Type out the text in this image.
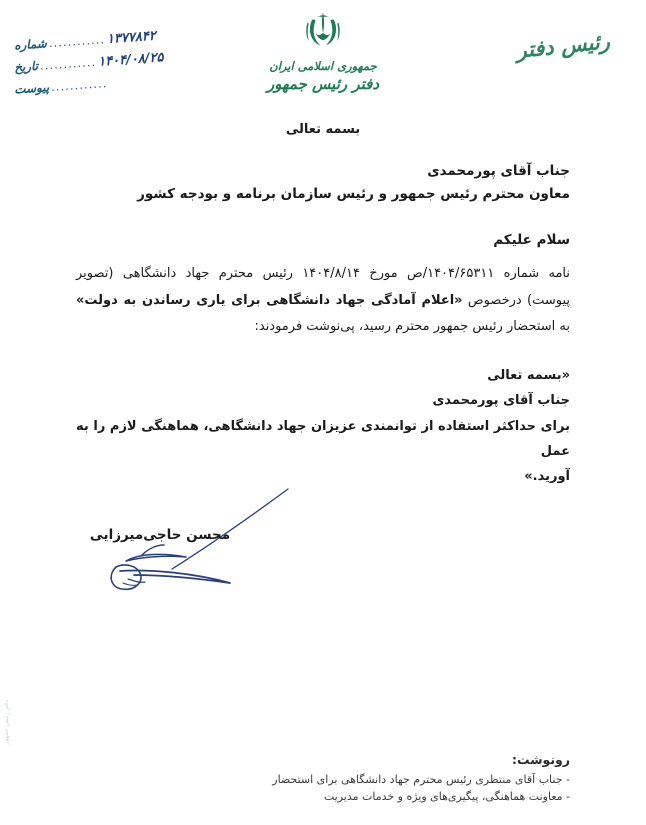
رئیس دفتر
جمهوری اسلامی ایران
دفتر رئیس جمهور
شماره ............ ۱۳۷۷۸۴۲
تاریخ ............ ۱۴۰۴/۰۸/۲۵
پیوست ............

بسمه تعالی

جناب آقای پورمحمدی

معاون محترم رئیس جمهور و رئیس سازمان برنامه و بودجه کشور

سلام علیکم

نامه شماره ۱۴۰۴/۶۵۳۱۱/ص مورخ ۱۴۰۴/۸/۱۴ رئیس محترم جهاد دانشگاهی (تصویر پیوست) درخصوص «اعلام آمادگی جهاد دانشگاهی برای یاری رساندن به دولت» به استحضار رئیس جمهور محترم رسید، پی‌نوشت فرمودند:

«بسمه تعالی

جناب آقای پورمحمدی

برای حداکثر استفاده از توانمندی عزیزان جهاد دانشگاهی، هماهنگی لازم را به عمل

آورید.»

محسن حاجی‌میرزایی

رونوشت:

- جناب آقای منتظری رئیس محترم جهاد دانشگاهی برای استحضار

- معاونت هماهنگی، پیگیری‌های ویژه و خدمات مدیریت

دفتر رئیس جمهور
